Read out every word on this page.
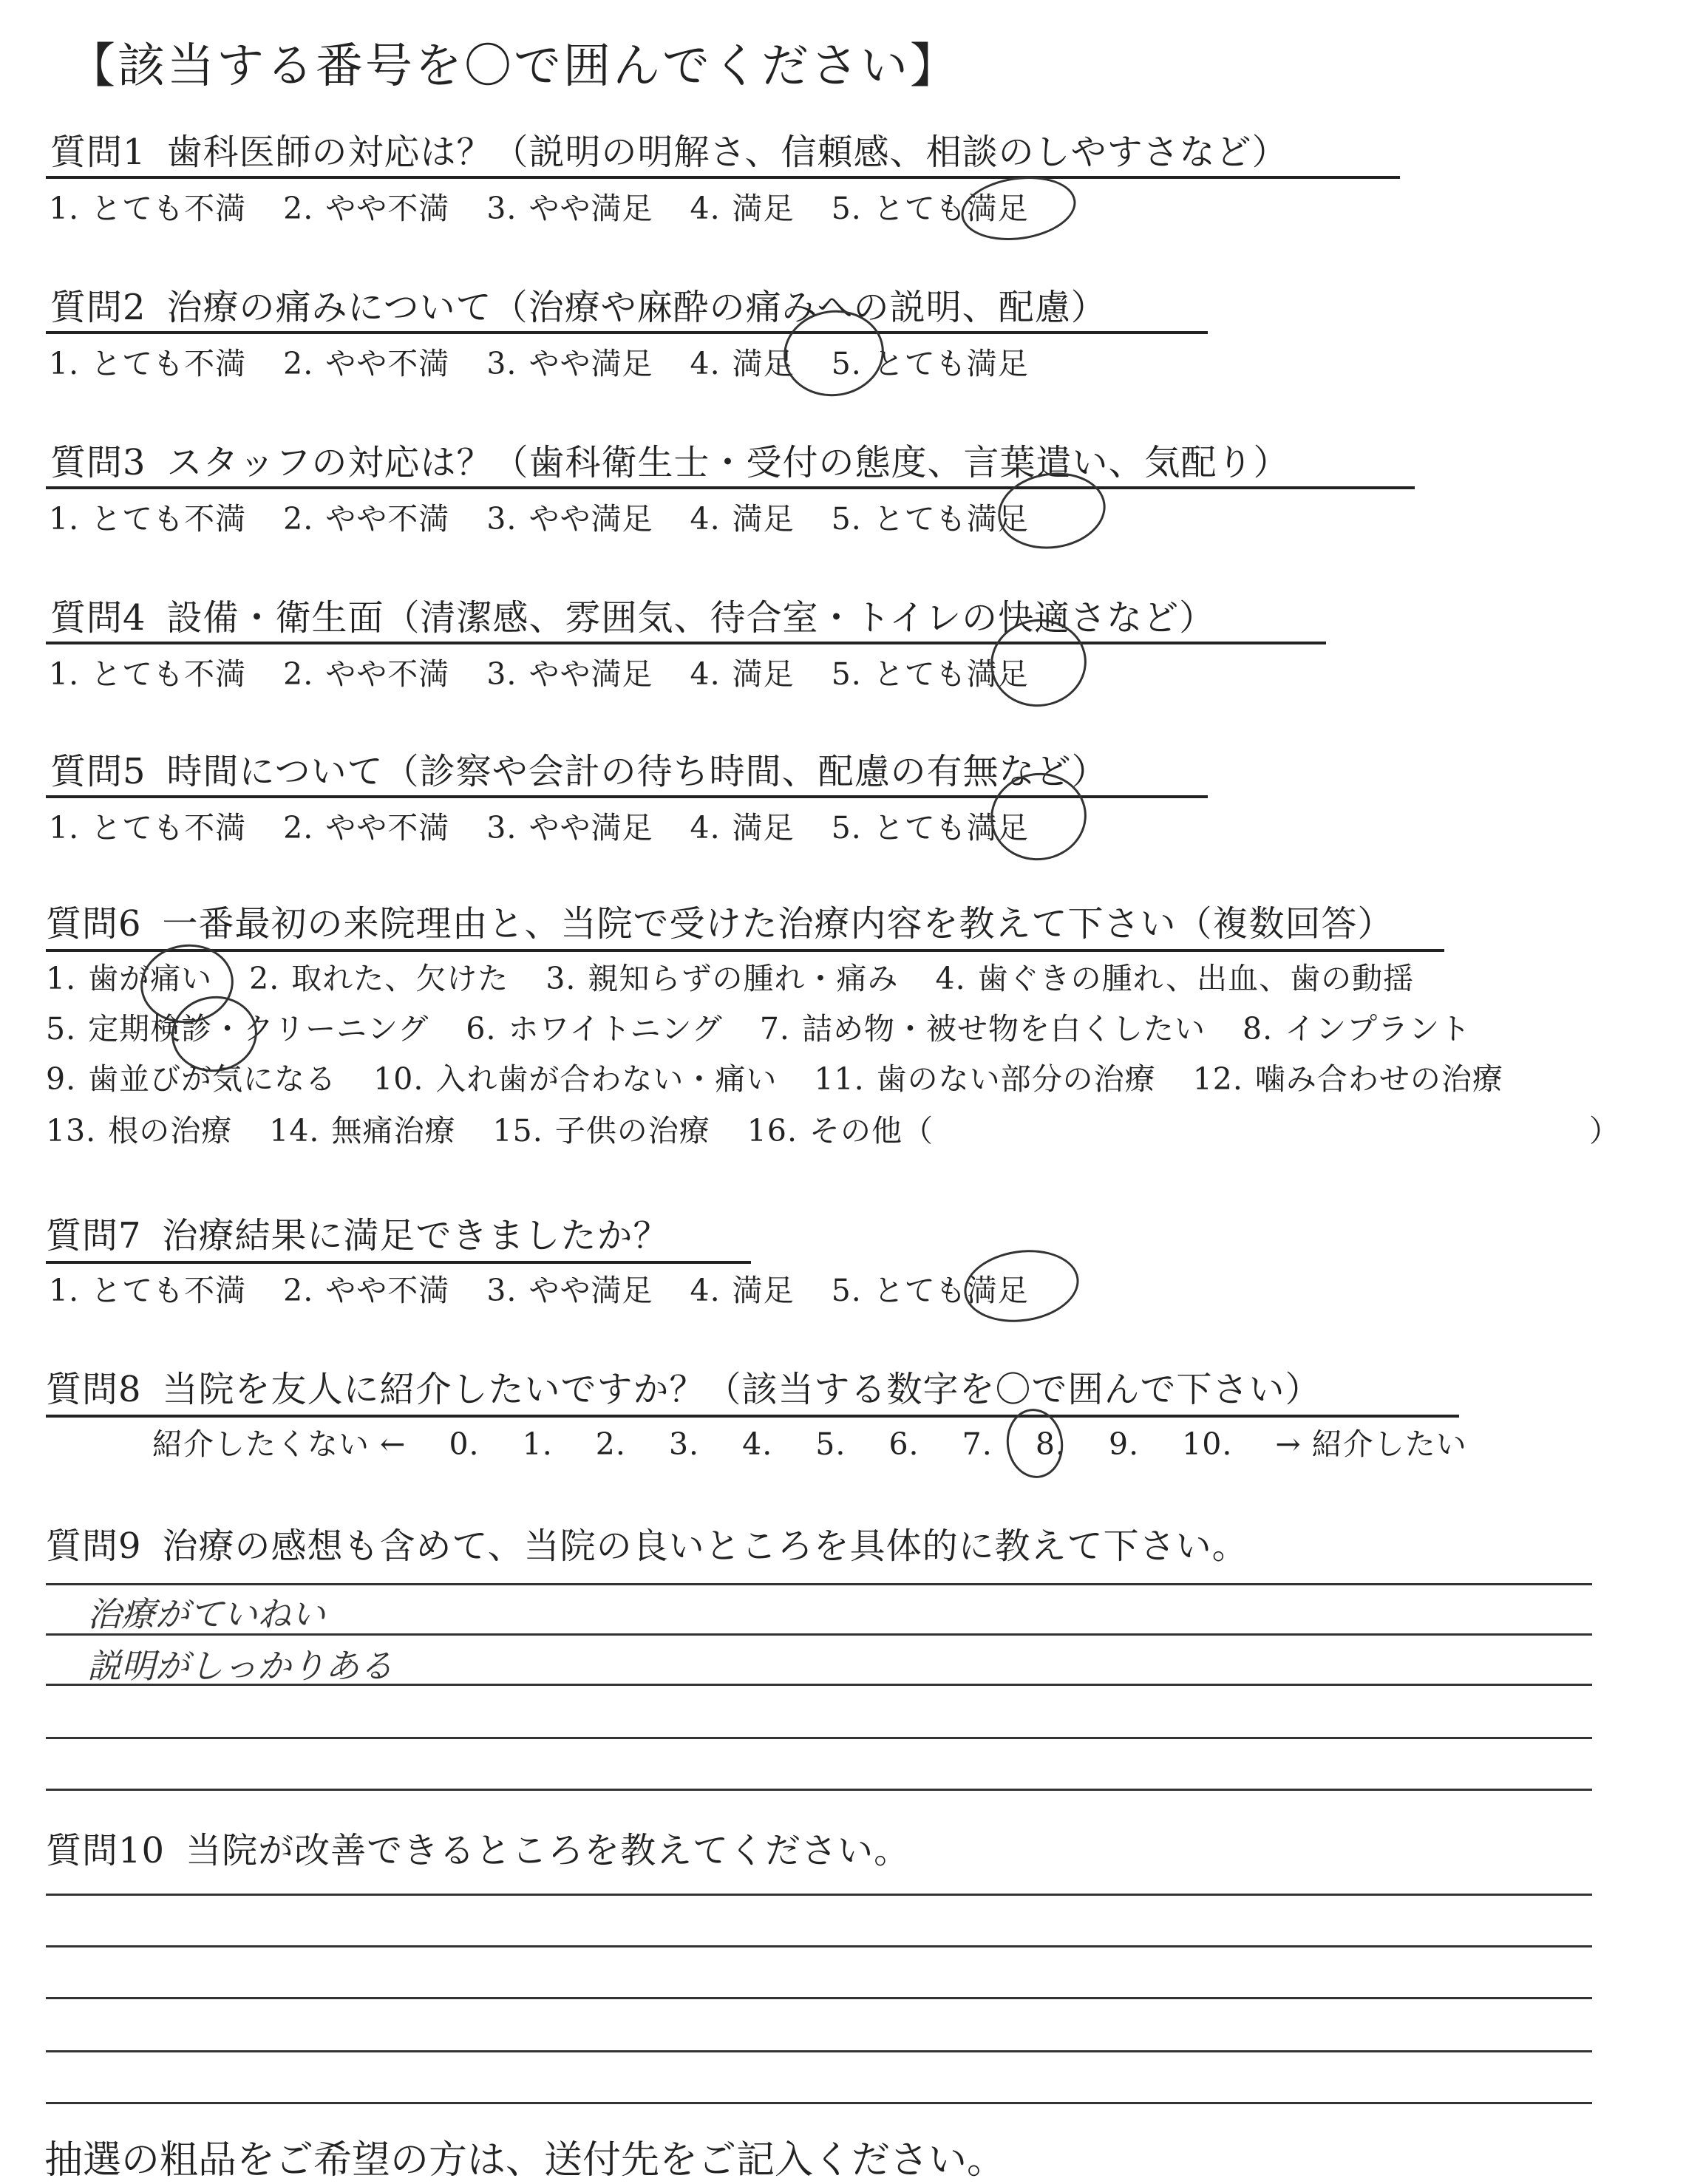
【該当する番号を〇で囲んでください】
質問1 歯科医師の対応は？（説明の明解さ、信頼感、相談のしやすさなど）
1. とても不満 2. やや不満 3. やや満足 4. 満足 5. とても満足
質問2 治療の痛みについて（治療や麻酔の痛みへの説明、配慮）
1. とても不満 2. やや不満 3. やや満足 4. 満足 5. とても満足
質問3 スタッフの対応は？（歯科衛生士・受付の態度、言葉遣い、気配り）
1. とても不満 2. やや不満 3. やや満足 4. 満足 5. とても満足
質問4 設備・衛生面（清潔感、雰囲気、待合室・トイレの快適さなど）
1. とても不満 2. やや不満 3. やや満足 4. 満足 5. とても満足
質問5 時間について（診察や会計の待ち時間、配慮の有無など）
1. とても不満 2. やや不満 3. やや満足 4. 満足 5. とても満足
質問6 一番最初の来院理由と、当院で受けた治療内容を教えて下さい（複数回答）
1. 歯が痛い 2. 取れた、欠けた 3. 親知らずの腫れ・痛み 4. 歯ぐきの腫れ、出血、歯の動揺
5. 定期検診・クリーニング 6. ホワイトニング 7. 詰め物・被せ物を白くしたい 8. インプラント
9. 歯並びが気になる 10. 入れ歯が合わない・痛い 11. 歯のない部分の治療 12. 噛み合わせの治療
13. 根の治療 14. 無痛治療 15. 子供の治療 16. その他（	）
質問7 治療結果に満足できましたか？
1. とても不満 2. やや不満 3. やや満足 4. 満足 5. とても満足
質問8 当院を友人に紹介したいですか？（該当する数字を〇で囲んで下さい）
紹介したくない ← 0. 1. 2. 3. 4. 5. 6. 7. 8. 9. 10. → 紹介したい
質問9 治療の感想も含めて、当院の良いところを具体的に教えて下さい。
治療がていねい
説明がしっかりある
質問10 当院が改善できるところを教えてください。
抽選の粗品をご希望の方は、送付先をご記入ください。
